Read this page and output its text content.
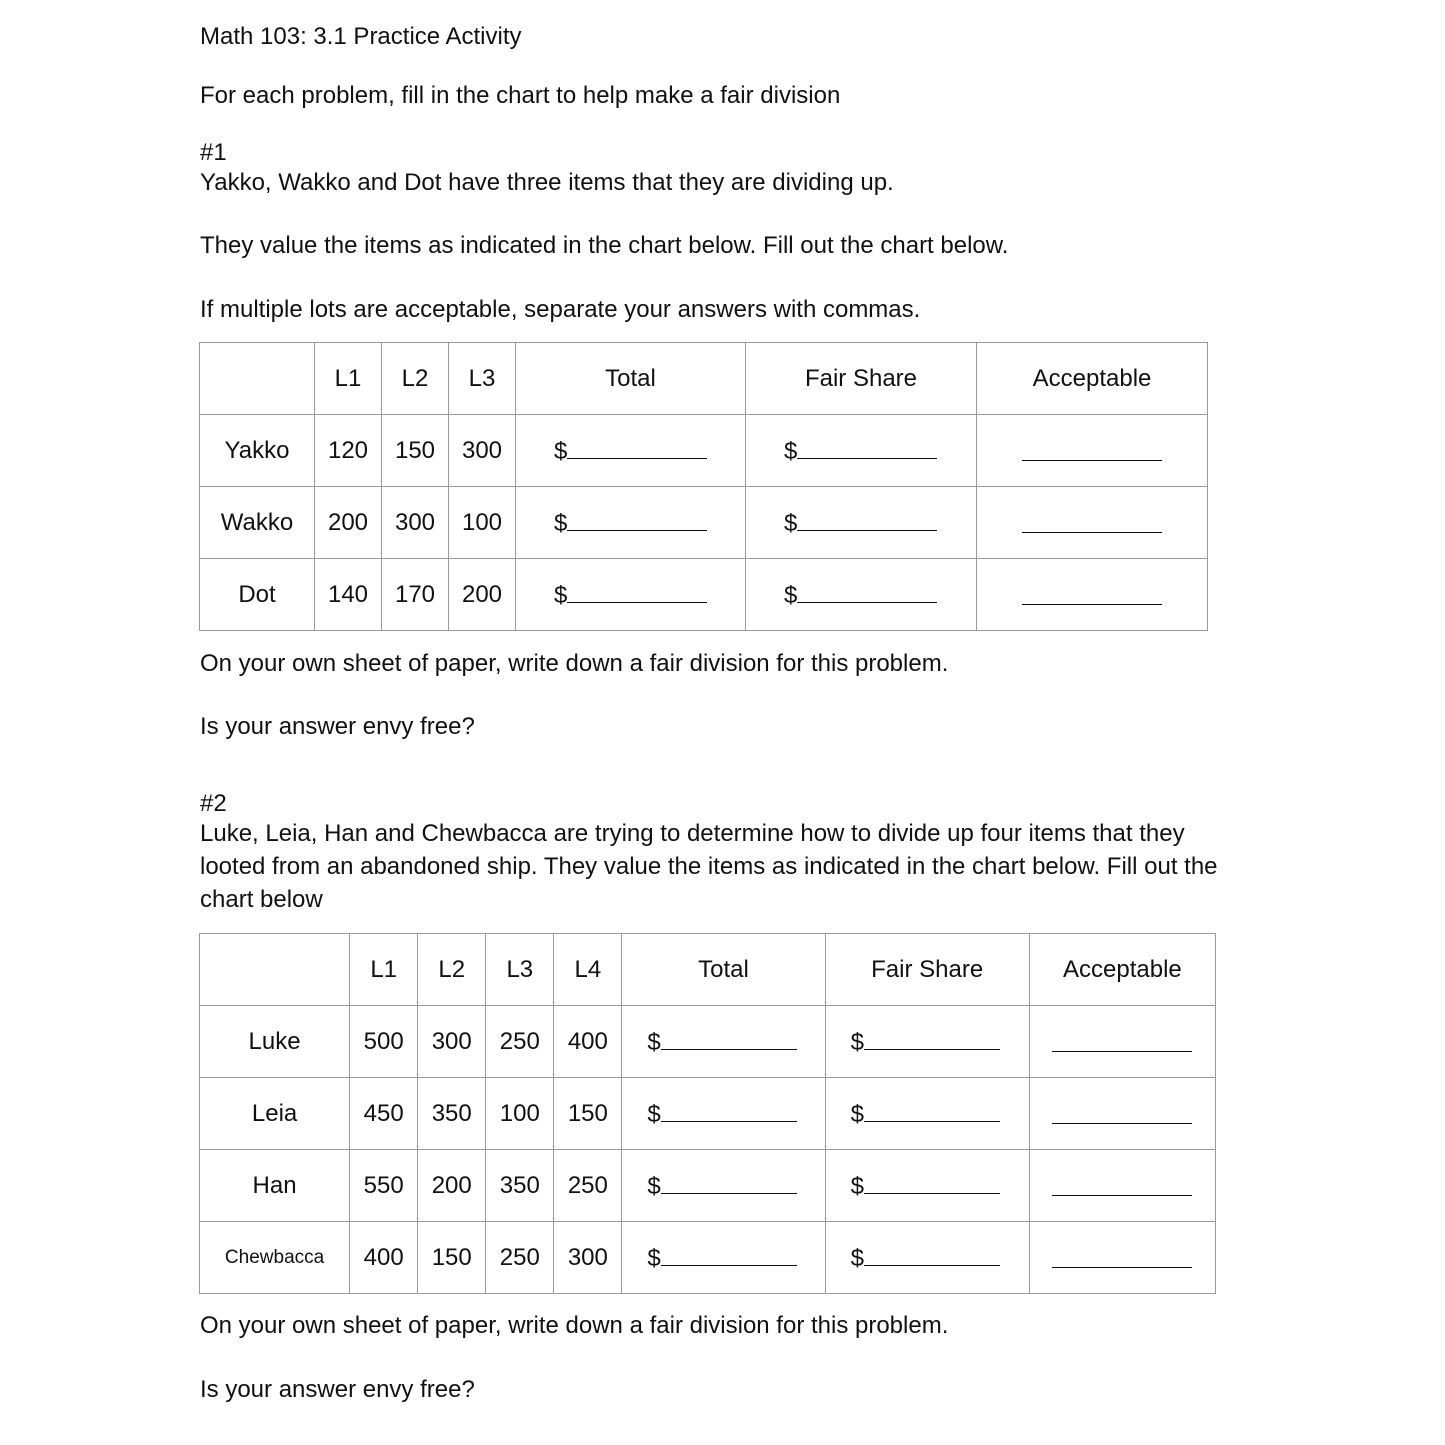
Math 103: 3.1 Practice Activity
For each problem, fill in the chart to help make a fair division
#1
Yakko, Wakko and Dot have three items that they are dividing up.
They value the items as indicated in the chart below. Fill out the chart below.
If multiple lots are acceptable, separate your answers with commas.
	L1	L2	L3	Total	Fair Share	Acceptable
Yakko	120	150	300	$	$	
Wakko	200	300	100	$	$	
Dot	140	170	200	$	$	
On your own sheet of paper, write down a fair division for this problem.
Is your answer envy free?
#2
Luke, Leia, Han and Chewbacca are trying to determine how to divide up four items that they looted from an abandoned ship. They value the items as indicated in the chart below. Fill out the chart below
	L1	L2	L3	L4	Total	Fair Share	Acceptable
Luke	500	300	250	400	$	$	
Leia	450	350	100	150	$	$	
Han	550	200	350	250	$	$	
Chewbacca	400	150	250	300	$	$	
On your own sheet of paper, write down a fair division for this problem.
Is your answer envy free?
